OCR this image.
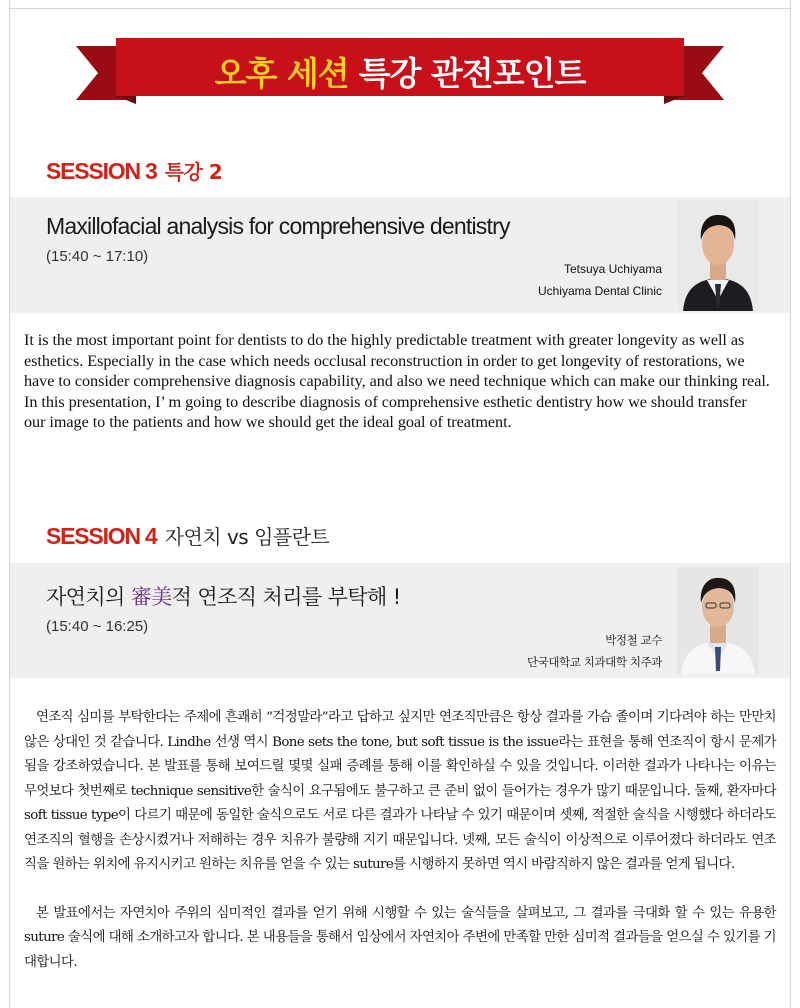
오후 세션 특강 관전포인트
SESSION 3 특강 2
Maxillofacial analysis for comprehensive dentistry
(15:40 ~ 17:10)
Tetsuya Uchiyama
Uchiyama Dental Clinic

It is the most important point for dentists to do the highly predictable treatment with greater longevity as well as esthetics. Especially in the case which needs occlusal reconstruction in order to get longevity of restorations, we have to consider comprehensive diagnosis capability, and also we need technique which can make our thinking real.

In this presentation, I’ m going to describe diagnosis of comprehensive esthetic dentistry how we should transfer our image to the patients and how we should get the ideal goal of treatment.

SESSION 4 자연치 vs 임플란트
자연치의 審美적 연조직 처리를 부탁해 !
(15:40 ~ 16:25)
박정철 교수
단국대학교 치과대학 치주과

연조직 심미를 부탁한다는 주제에 흔쾌히 “걱정말라”라고 답하고 싶지만 연조직만큼은 항상 결과를 가슴 졸이며 기다려야 하는 만만치 않은 상대인 것 같습니다. Lindhe 선생 역시 Bone sets the tone, but soft tissue is the issue라는 표현을 통해 연조직이 항시 문제가 됨을 강조하였습니다. 본 발표를 통해 보여드릴 몇몇 실패 증례를 통해 이를 확인하실 수 있을 것입니다. 이러한 결과가 나타나는 이유는 무엇보다 첫번째로 technique sensitive한 술식이 요구됨에도 불구하고 큰 준비 없이 들어가는 경우가 많기 때문입니다. 둘째, 환자마다 soft tissue type이 다르기 때문에 동일한 술식으로도 서로 다른 결과가 나타날 수 있기 때문이며 셋째, 적절한 술식을 시행했다 하더라도 연조직의 혈행을 손상시켰거나 저해하는 경우 치유가 불량해 지기 때문입니다. 넷째, 모든 술식이 이상적으로 이루어졌다 하더라도 연조직을 원하는 위치에 유지시키고 원하는 치유를 얻을 수 있는 suture를 시행하지 못하면 역시 바람직하지 않은 결과를 얻게 됩니다.

본 발표에서는 자연치아 주위의 심미적인 결과를 얻기 위해 시행할 수 있는 술식들을 살펴보고, 그 결과를 극대화 할 수 있는 유용한 suture 술식에 대해 소개하고자 합니다. 본 내용들을 통해서 임상에서 자연치아 주변에 만족할 만한 심미적 결과들을 얻으실 수 있기를 기대합니다.
